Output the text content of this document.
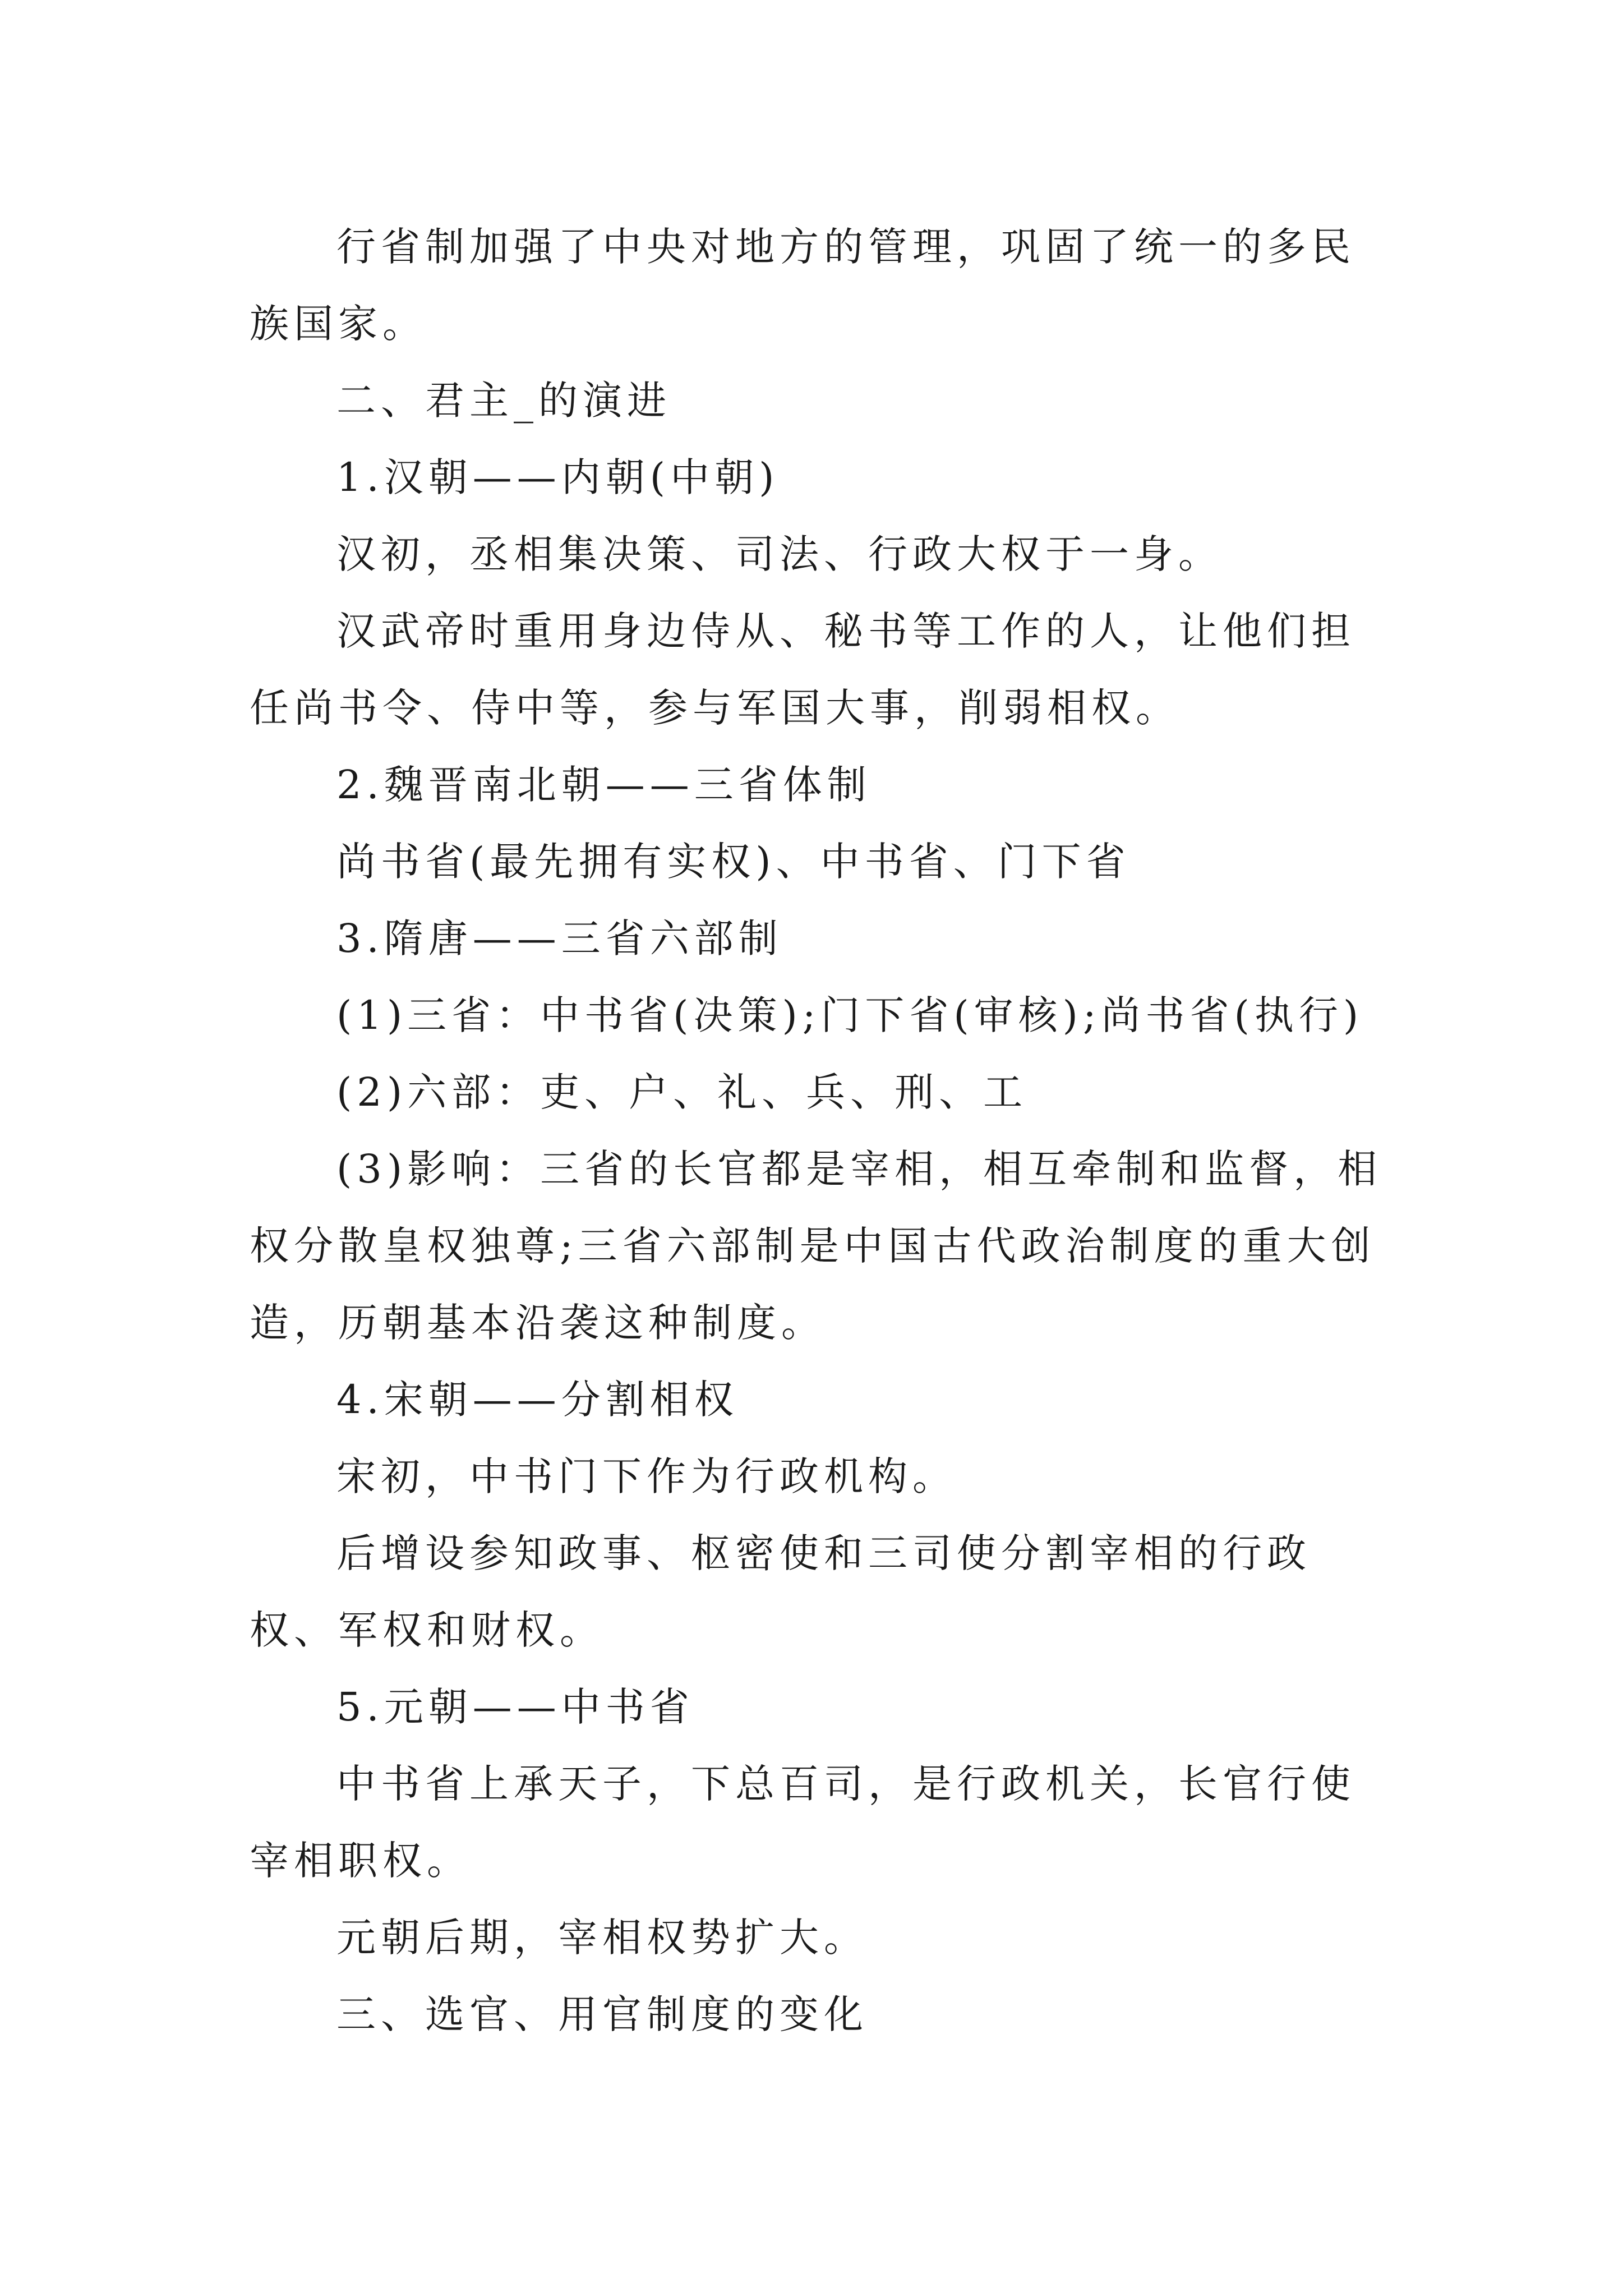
行省制加强了中央对地方的管理，巩固了统一的多民族国家。

二、君主_的演进

1.汉朝——内朝(中朝)

汉初，丞相集决策、司法、行政大权于一身。

汉武帝时重用身边侍从、秘书等工作的人，让他们担任尚书令、侍中等，参与军国大事，削弱相权。

2.魏晋南北朝——三省体制

尚书省(最先拥有实权)、中书省、门下省

3.隋唐——三省六部制

(1)三省：中书省(决策);门下省(审核);尚书省(执行)

(2)六部：吏、户、礼、兵、刑、工

(3)影响：三省的长官都是宰相，相互牵制和监督，相权分散皇权独尊;三省六部制是中国古代政治制度的重大创造，历朝基本沿袭这种制度。

4.宋朝——分割相权

宋初，中书门下作为行政机构。

后增设参知政事、枢密使和三司使分割宰相的行政权、军权和财权。

5.元朝——中书省

中书省上承天子，下总百司，是行政机关，长官行使宰相职权。

元朝后期，宰相权势扩大。

三、选官、用官制度的变化
